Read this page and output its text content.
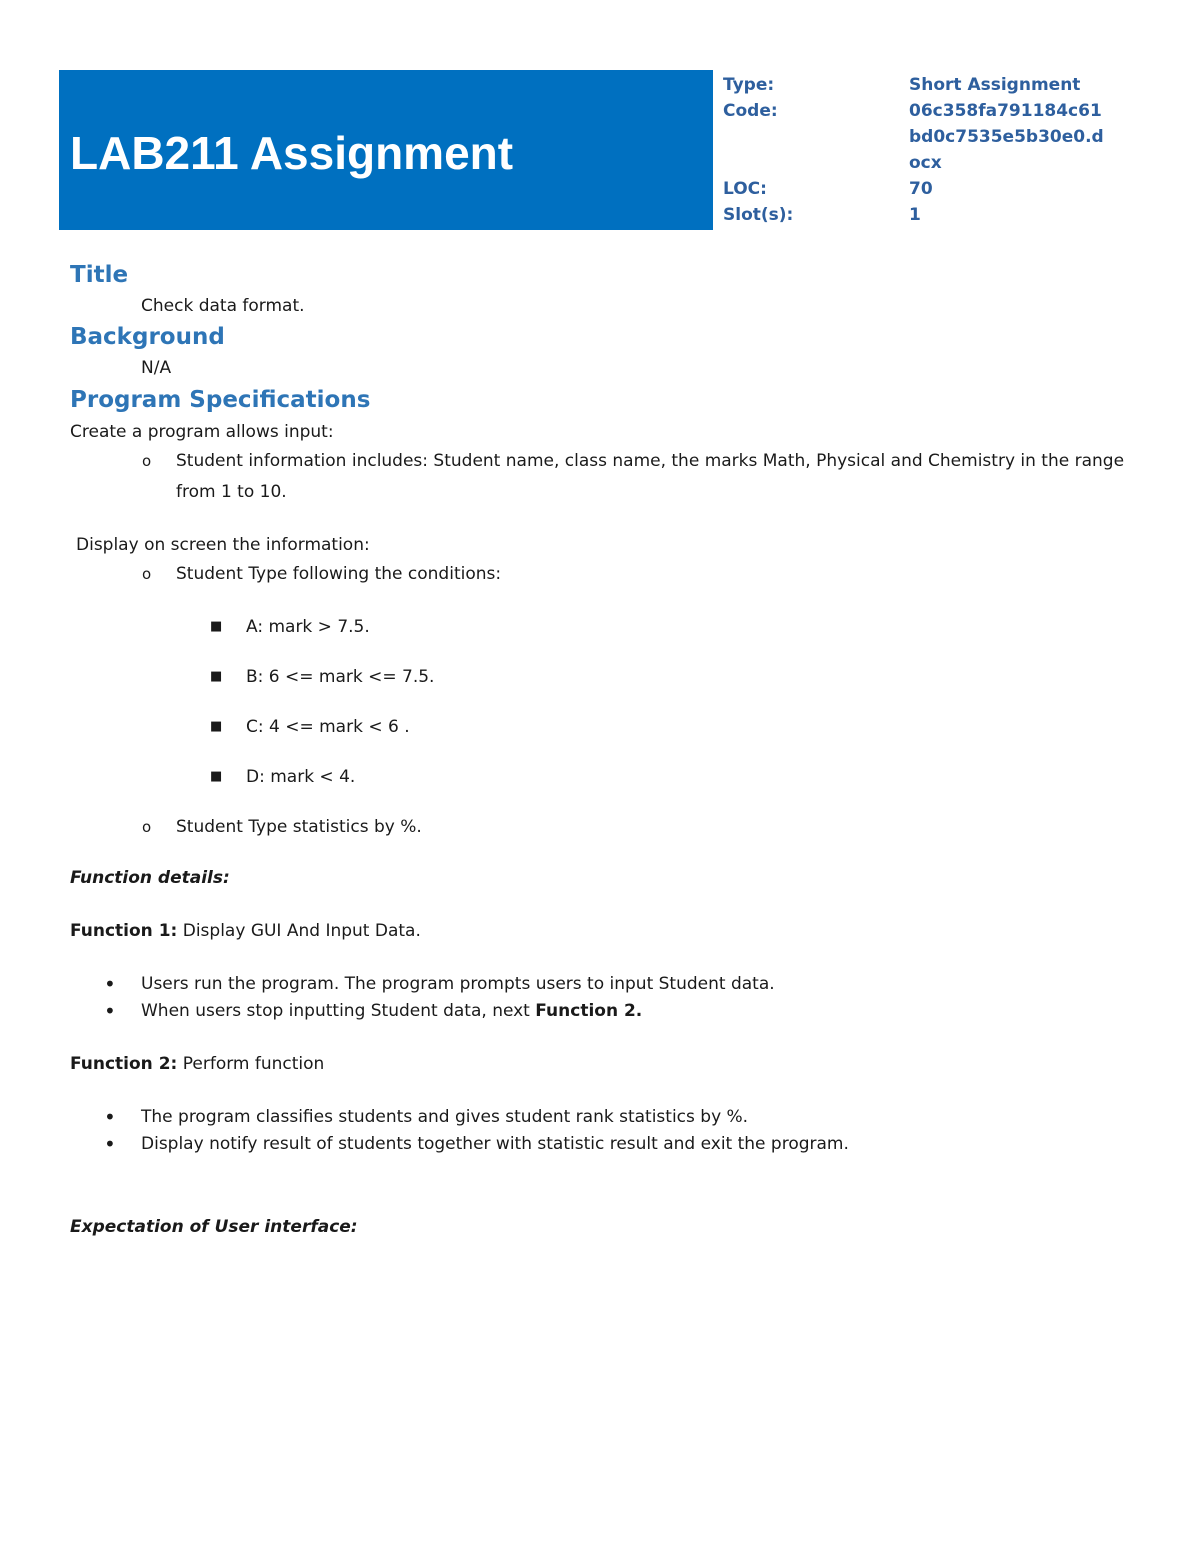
LAB211 Assignment
Type:	Short Assignment
Code:	06c358fa791184c61bd0c7535e5b30e0.docx
LOC:	70
Slot(s):	1
Title

Check data format.

Background

N/A

Program Specifications

Create a program allows input:

o Student information includes: Student name, class name, the marks Math, Physical and Chemistry in the range from 1 to 10.

Display on screen the information:

o Student Type following the conditions:
■ A: mark > 7.5.
■ B: 6 <= mark <= 7.5.
■ C: 4 <= mark < 6 .
■ D: mark < 4.
o Student Type statistics by %.

Function details:

Function 1: Display GUI And Input Data.

• Users run the program. The program prompts users to input Student data.
• When users stop inputting Student data, next Function 2.

Function 2: Perform function

• The program classifies students and gives student rank statistics by %.
• Display notify result of students together with statistic result and exit the program.

Expectation of User interface:
